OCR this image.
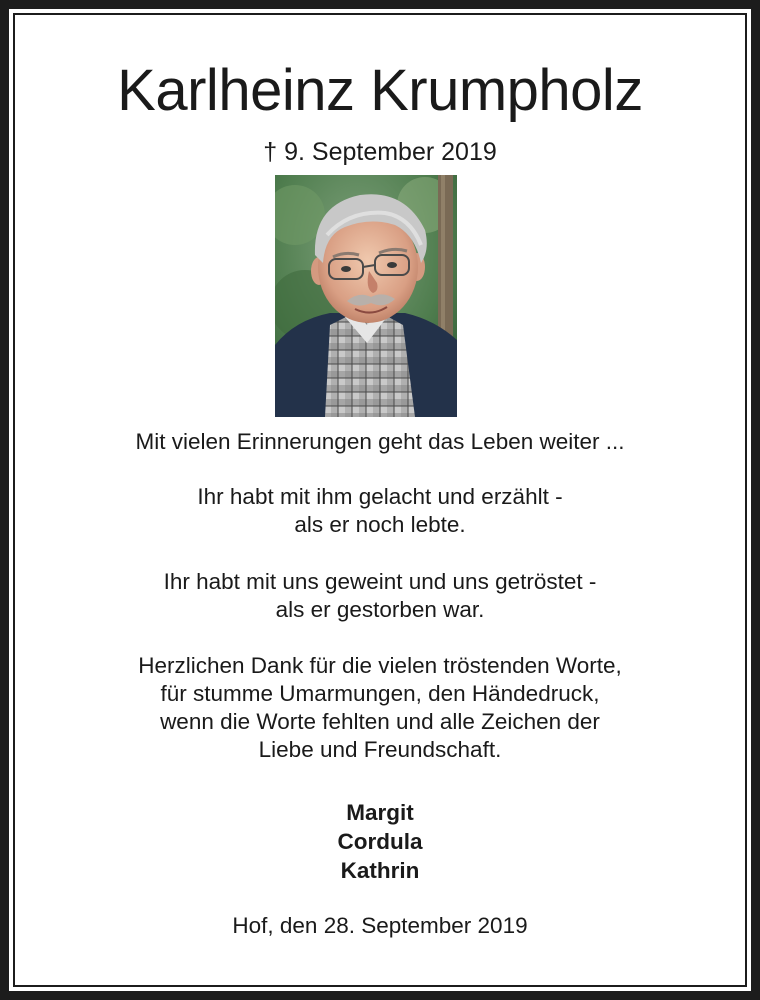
Karlheinz Krumpholz
† 9. September 2019
Mit vielen Erinnerungen geht das Leben weiter ...
Ihr habt mit ihm gelacht und erzählt -
als er noch lebte.
Ihr habt mit uns geweint und uns getröstet -
als er gestorben war.
Herzlichen Dank für die vielen tröstenden Worte,
für stumme Umarmungen, den Händedruck,
wenn die Worte fehlten und alle Zeichen der
Liebe und Freundschaft.
Margit
Cordula
Kathrin
Hof, den 28. September 2019
